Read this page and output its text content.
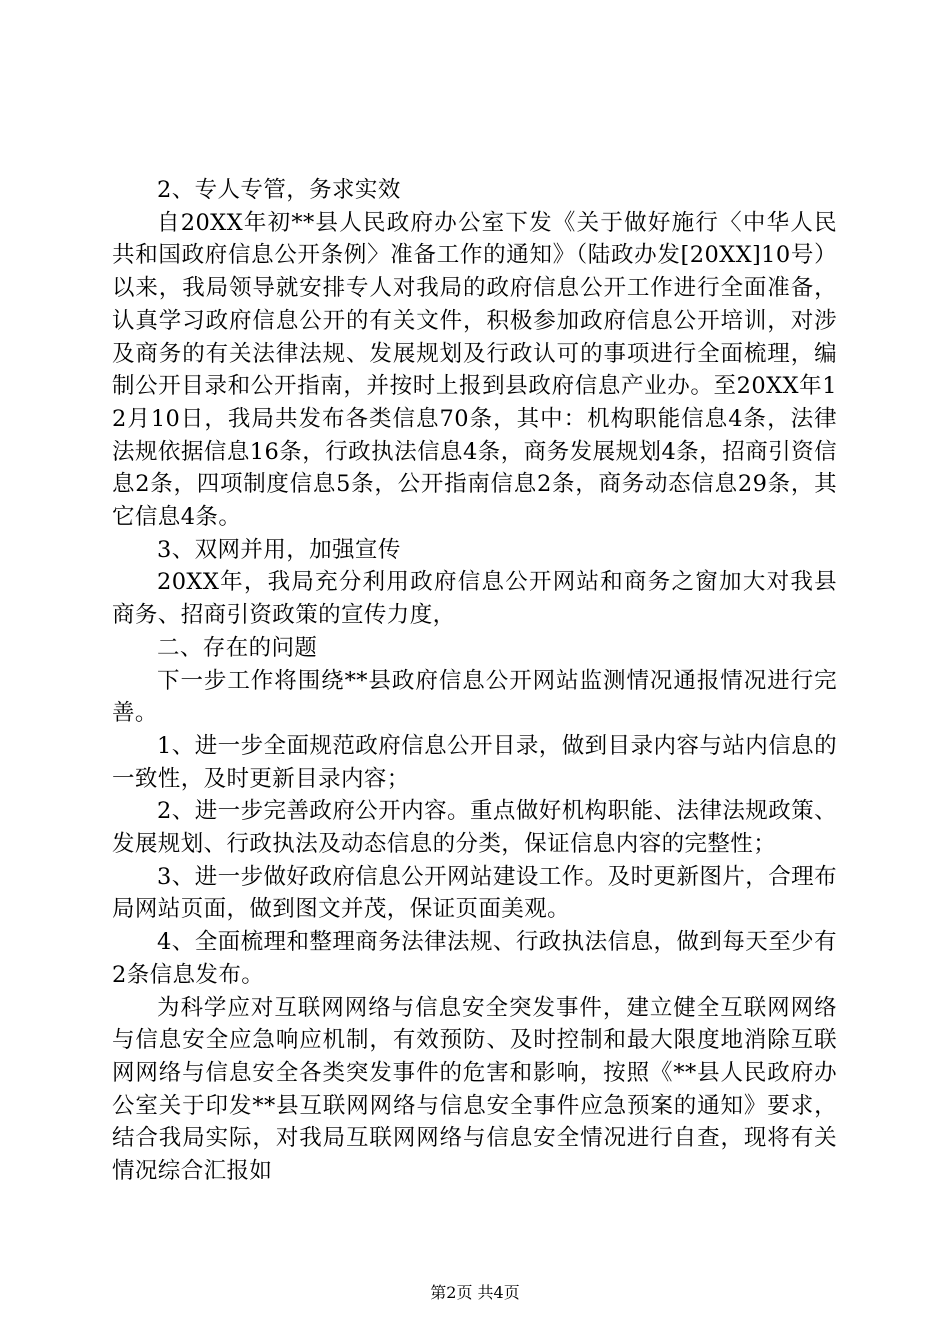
2、专人专管，务求实效

自20XX年初**县人民政府办公室下发《关于做好施行〈中华人民共和国政府信息公开条例〉准备工作的通知》（陆政办发[20XX]10号）以来，我局领导就安排专人对我局的政府信息公开工作进行全面准备，认真学习政府信息公开的有关文件，积极参加政府信息公开培训，对涉及商务的有关法律法规、发展规划及行政认可的事项进行全面梳理，编制公开目录和公开指南，并按时上报到县政府信息产业办。至20XX年12月10日，我局共发布各类信息70条，其中：机构职能信息4条，法律法规依据信息16条，行政执法信息4条，商务发展规划4条，招商引资信息2条，四项制度信息5条，公开指南信息2条，商务动态信息29条，其它信息4条。

3、双网并用，加强宣传

20XX年，我局充分利用政府信息公开网站和商务之窗加大对我县商务、招商引资政策的宣传力度，

二、存在的问题

下一步工作将围绕**县政府信息公开网站监测情况通报情况进行完善。

1、进一步全面规范政府信息公开目录，做到目录内容与站内信息的一致性，及时更新目录内容；

2、进一步完善政府公开内容。重点做好机构职能、法律法规政策、发展规划、行政执法及动态信息的分类，保证信息内容的完整性；

3、进一步做好政府信息公开网站建设工作。及时更新图片，合理布局网站页面，做到图文并茂，保证页面美观。

4、全面梳理和整理商务法律法规、行政执法信息，做到每天至少有2条信息发布。

为科学应对互联网网络与信息安全突发事件，建立健全互联网网络与信息安全应急响应机制，有效预防、及时控制和最大限度地消除互联网网络与信息安全各类突发事件的危害和影响，按照《**县人民政府办公室关于印发**县互联网网络与信息安全事件应急预案的通知》要求，结合我局实际，对我局互联网网络与信息安全情况进行自查，现将有关情况综合汇报如

第2页 共4页
